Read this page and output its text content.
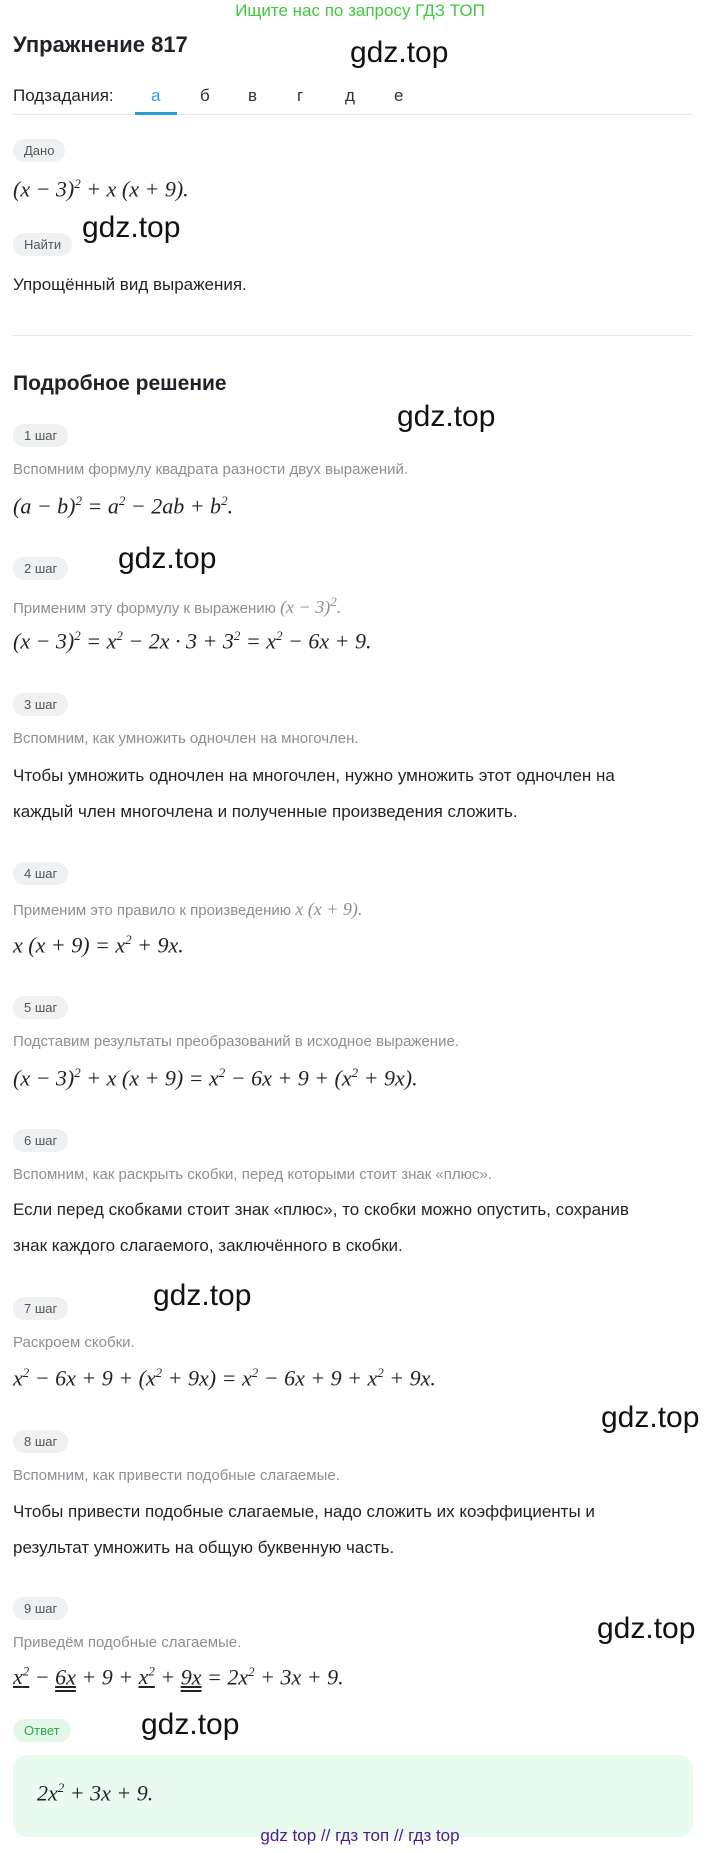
Ищите нас по запросу ГДЗ ТОП
Упражнение 817	gdz.top
gdz.top
gdz.top
gdz.top
gdz.top
gdz.top
gdz.top
gdz.top
Подзадания: а б в г д е
Дано
$(x - 3)^2 + x$ (x + 9).
Найти
Упрощённый вид выражения.
Подробное решение
1 шаг
Вспомним формулу квадрата разности двух выражений.
$(a - b)^2 = a^2 - 2ab + b^2$.
2 шаг
Применим эту формулу к выражению $(x - 3)^2$.
$(x - 3)^2 = x^2 - 2x \cdot 3 + 3^2 = x^2 - 6x + 9$.
3 шаг
Вспомним, как умножить одночлен на многочлен.
Чтобы умножить одночлен на многочлен, нужно умножить этот одночлен на
каждый член многочлена и полученные произведения сложить.
4 шаг
Применим это правило к произведению x (x + 9).
x $(x + 9) = x^2 + 9x$.
5 шаг
Подставим результаты преобразований в исходное выражение.
$(x - 3)^2 + x$ $(x + 9) = x^2 - 6x + 9 + (x^2 + 9x)$.
6 шаг
Вспомним, как раскрыть скобки, перед которыми стоит знак «плюс».
Если перед скобками стоит знак «плюс», то скобки можно опустить, сохранив
знак каждого слагаемого, заключённого в скобки.
7 шаг
Раскроем скобки.
$x^2 - 6x + 9 + (x^2 + 9x) = x^2 - 6x + 9 + x^2 + 9x$.
8 шаг
Вспомним, как привести подобные слагаемые.
Чтобы привести подобные слагаемые, надо сложить их коэффициенты и
результат умножить на общую буквенную часть.
9 шаг
Приведём подобные слагаемые.
$x^2 - 6x + 9 + x^2 + 9x = 2x^2 + 3x + 9$.
Ответ
$2x^2 + 3x + 9$.
gdz top // гдз топ // гдз top
